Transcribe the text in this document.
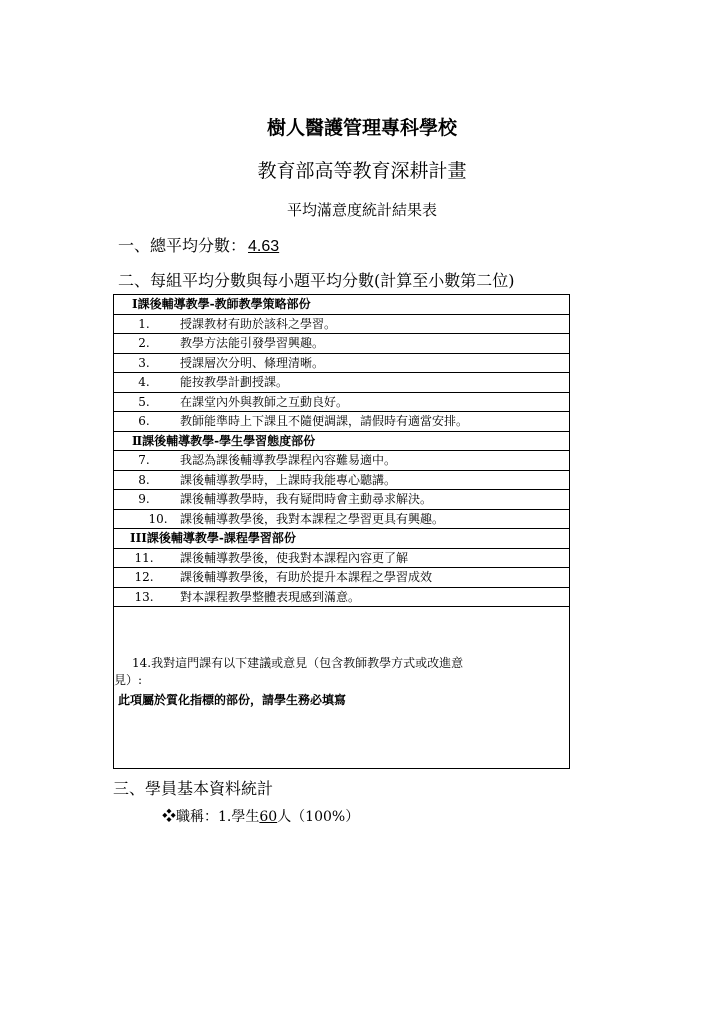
樹人醫護管理專科學校
教育部高等教育深耕計畫
平均滿意度統計結果表
一、總平均分數： 4.63
二、每組平均分數與每小題平均分數(計算至小數第二位)
Ⅰ課後輔導教學-教師教學策略部份
1.	授課教材有助於該科之學習。
2.	教學方法能引發學習興趣。
3.	授課層次分明、條理清晰。
4.	能按教學計劃授課。
5.	在課堂內外與教師之互動良好。
6.	教師能準時上下課且不隨便調課，請假時有適當安排。
Ⅱ課後輔導教學-學生學習態度部份
7.	我認為課後輔導教學課程內容難易適中。
8.	課後輔導教學時，上課時我能專心聽講。
9.	課後輔導教學時，我有疑問時會主動尋求解決。
10.	課後輔導教學後，我對本課程之學習更具有興趣。
III課後輔導教學-課程學習部份
11.	課後輔導教學後，使我對本課程內容更了解
12.	課後輔導教學後，有助於提升本課程之學習成效
13.	對本課程教學整體表現感到滿意。
14.我對這門課有以下建議或意見（包含教師教學方式或改進意
見）:
此項屬於質化指標的部份，請學生務必填寫
三、學員基本資料統計
❖職稱：1.學生60人（100%）
